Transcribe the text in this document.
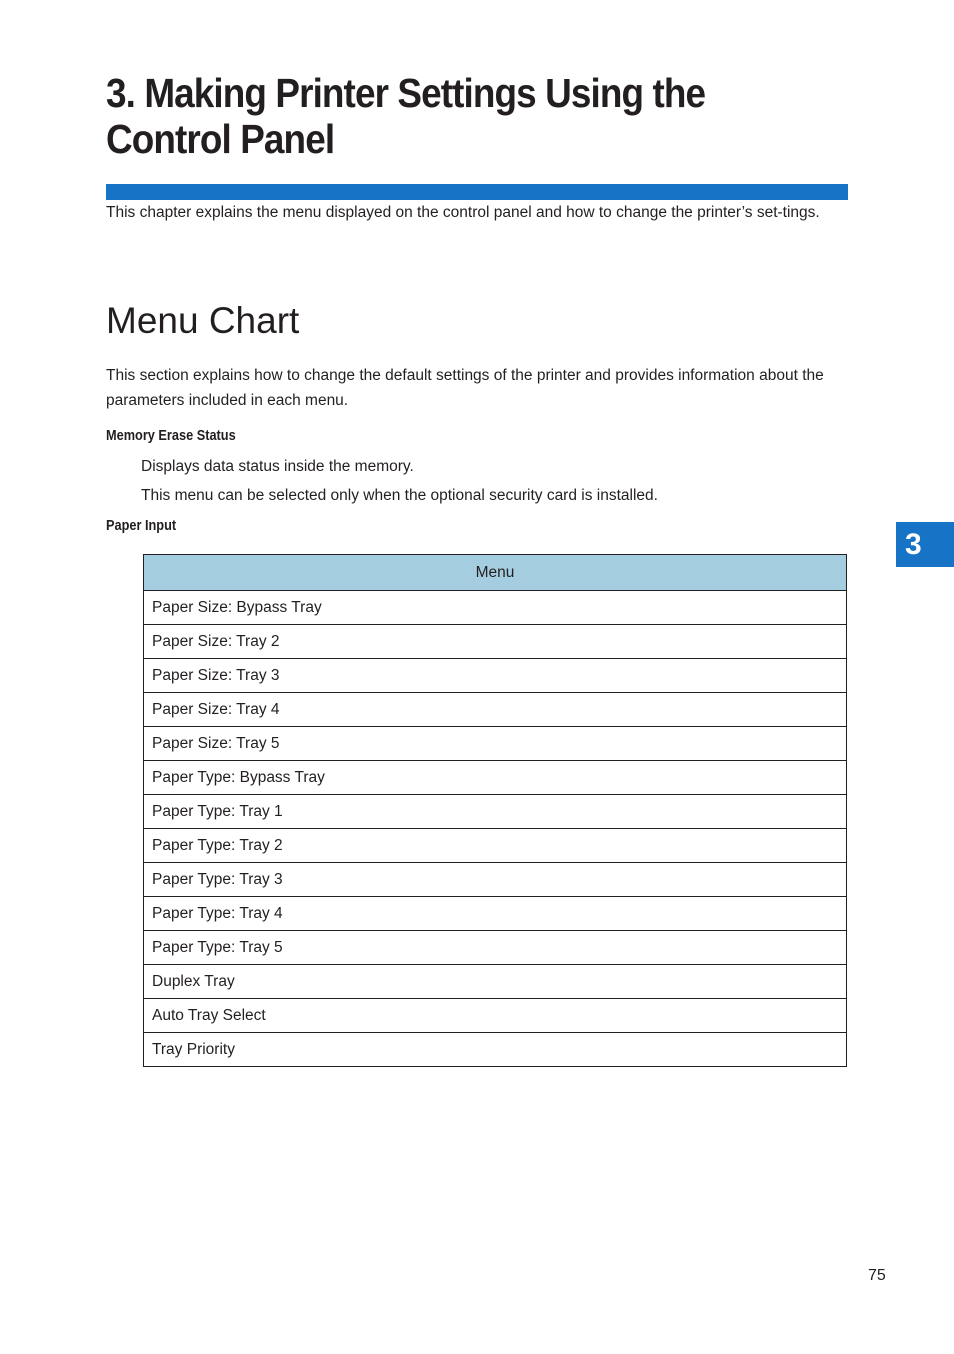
3. Making Printer Settings Using the Control Panel

This chapter explains the menu displayed on the control panel and how to change the printer’s set-tings.

Menu Chart

This section explains how to change the default settings of the printer and provides information about the parameters included in each menu.

Memory Erase Status

Displays data status inside the memory.

This menu can be selected only when the optional security card is installed.

Paper Input
Menu
Paper Size: Bypass Tray
Paper Size: Tray 2
Paper Size: Tray 3
Paper Size: Tray 4
Paper Size: Tray 5
Paper Type: Bypass Tray
Paper Type: Tray 1
Paper Type: Tray 2
Paper Type: Tray 3
Paper Type: Tray 4
Paper Type: Tray 5
Duplex Tray
Auto Tray Select
Tray Priority
3

75
